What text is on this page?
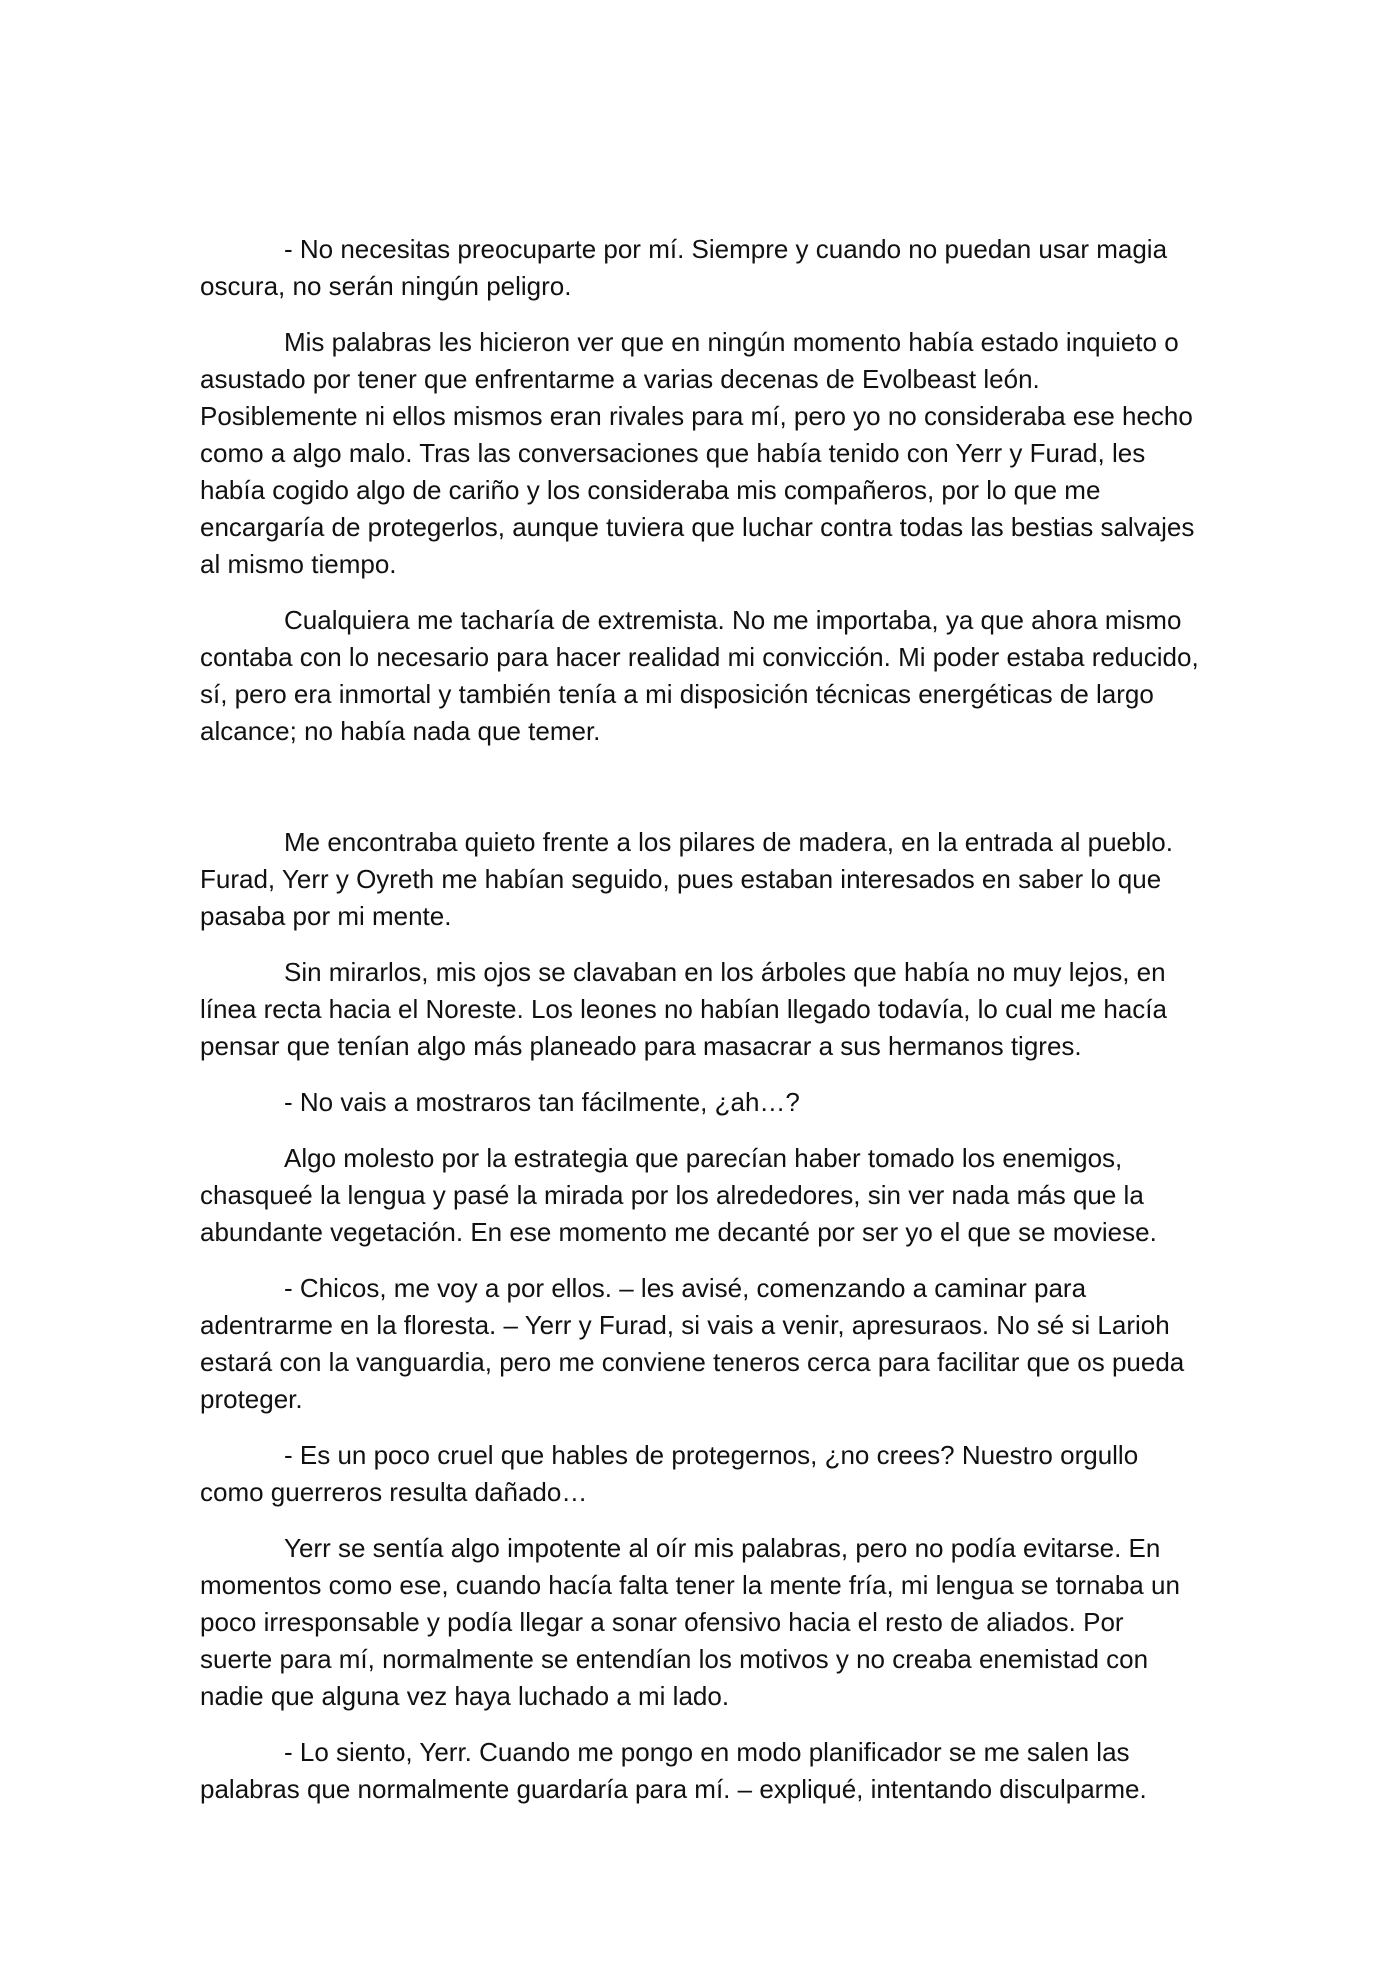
- No necesitas preocuparte por mí. Siempre y cuando no puedan usar magia oscura, no serán ningún peligro.

Mis palabras les hicieron ver que en ningún momento había estado inquieto o asustado por tener que enfrentarme a varias decenas de Evolbeast león. Posiblemente ni ellos mismos eran rivales para mí, pero yo no consideraba ese hecho como a algo malo. Tras las conversaciones que había tenido con Yerr y Furad, les había cogido algo de cariño y los consideraba mis compañeros, por lo que me encargaría de protegerlos, aunque tuviera que luchar contra todas las bestias salvajes al mismo tiempo.

Cualquiera me tacharía de extremista. No me importaba, ya que ahora mismo contaba con lo necesario para hacer realidad mi convicción. Mi poder estaba reducido, sí, pero era inmortal y también tenía a mi disposición técnicas energéticas de largo alcance; no había nada que temer.

Me encontraba quieto frente a los pilares de madera, en la entrada al pueblo. Furad, Yerr y Oyreth me habían seguido, pues estaban interesados en saber lo que pasaba por mi mente.

Sin mirarlos, mis ojos se clavaban en los árboles que había no muy lejos, en línea recta hacia el Noreste. Los leones no habían llegado todavía, lo cual me hacía pensar que tenían algo más planeado para masacrar a sus hermanos tigres.

- No vais a mostraros tan fácilmente, ¿ah…?

Algo molesto por la estrategia que parecían haber tomado los enemigos, chasqueé la lengua y pasé la mirada por los alrededores, sin ver nada más que la abundante vegetación. En ese momento me decanté por ser yo el que se moviese.

- Chicos, me voy a por ellos. – les avisé, comenzando a caminar para adentrarme en la floresta. – Yerr y Furad, si vais a venir, apresuraos. No sé si Larioh estará con la vanguardia, pero me conviene teneros cerca para facilitar que os pueda proteger.

- Es un poco cruel que hables de protegernos, ¿no crees? Nuestro orgullo como guerreros resulta dañado…

Yerr se sentía algo impotente al oír mis palabras, pero no podía evitarse. En momentos como ese, cuando hacía falta tener la mente fría, mi lengua se tornaba un poco irresponsable y podía llegar a sonar ofensivo hacia el resto de aliados. Por suerte para mí, normalmente se entendían los motivos y no creaba enemistad con nadie que alguna vez haya luchado a mi lado.

- Lo siento, Yerr. Cuando me pongo en modo planificador se me salen las palabras que normalmente guardaría para mí. – expliqué, intentando disculparme.
